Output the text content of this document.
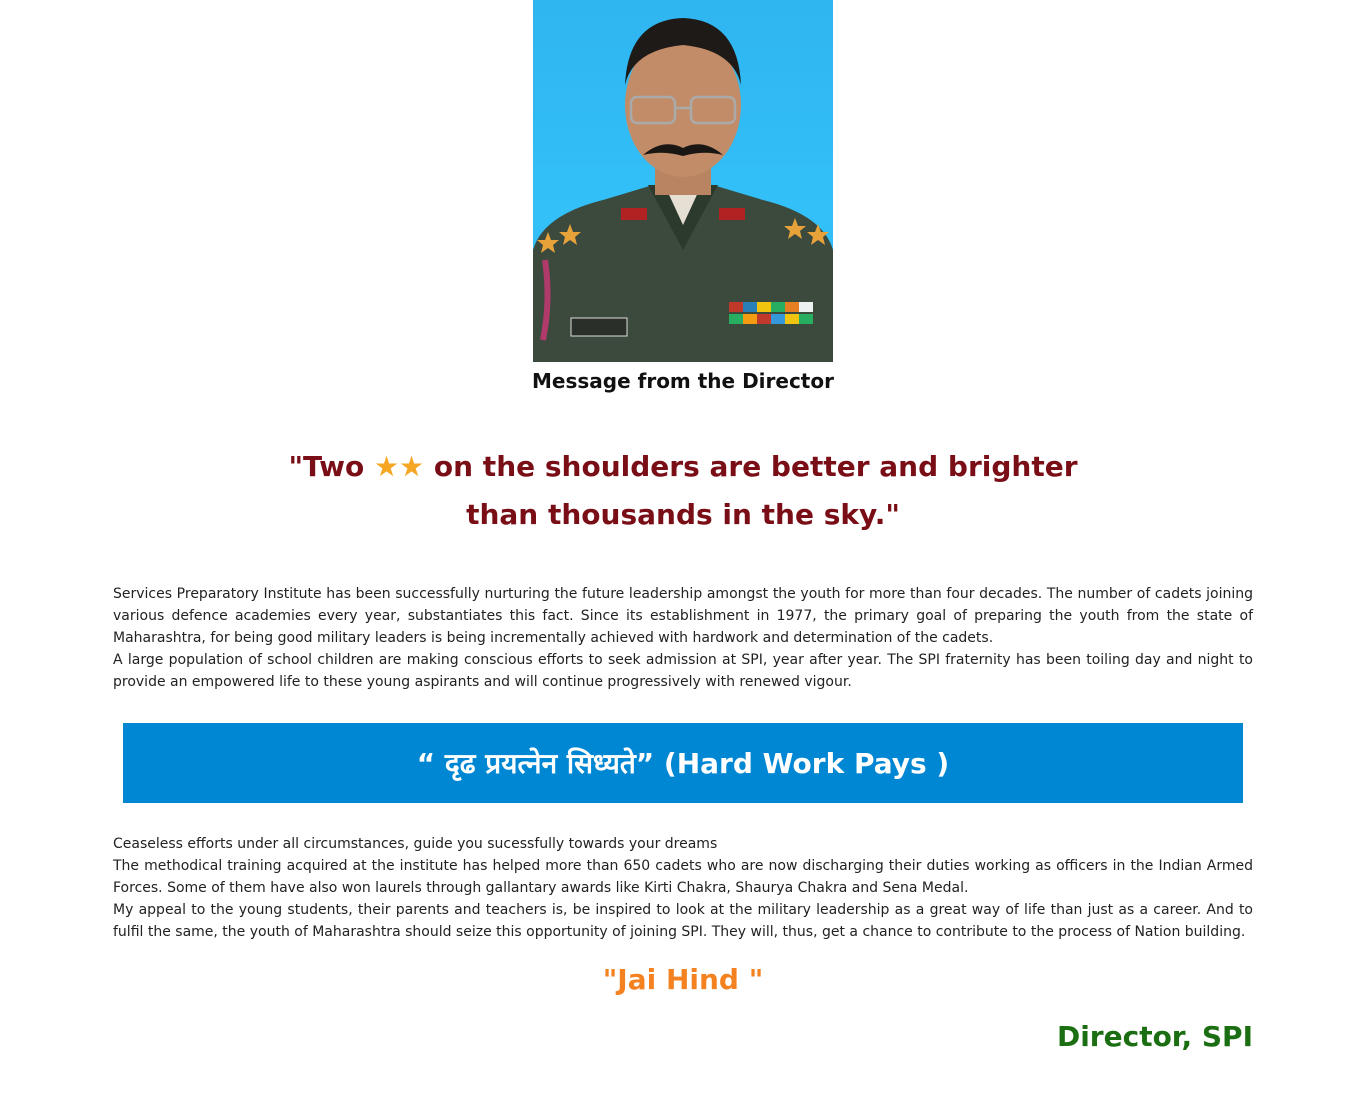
Message from the Director
"Two ★★ on the shoulders are better and brighter
than thousands in the sky."

Services Preparatory Institute has been successfully nurturing the future leadership amongst the youth for more than four decades. The number of cadets joining various defence academies every year, substantiates this fact. Since its establishment in 1977, the primary goal of preparing the youth from the state of Maharashtra, for being good military leaders is being incrementally achieved with hardwork and determination of the cadets.

A large population of school children are making conscious efforts to seek admission at SPI, year after year. The SPI fraternity has been toiling day and night to provide an empowered life to these young aspirants and will continue progressively with renewed vigour.

“ दृढ प्रयत्नेन सिध्यते” (Hard Work Pays )

Ceaseless efforts under all circumstances, guide you sucessfully towards your dreams

The methodical training acquired at the institute has helped more than 650 cadets who are now discharging their duties working as officers in the Indian Armed Forces. Some of them have also won laurels through gallantary awards like Kirti Chakra, Shaurya Chakra and Sena Medal.

My appeal to the young students, their parents and teachers is, be inspired to look at the military leadership as a great way of life than just as a career. And to fulfil the same, the youth of Maharashtra should seize this opportunity of joining SPI. They will, thus, get a chance to contribute to the process of Nation building.

"Jai Hind "
Director, SPI
